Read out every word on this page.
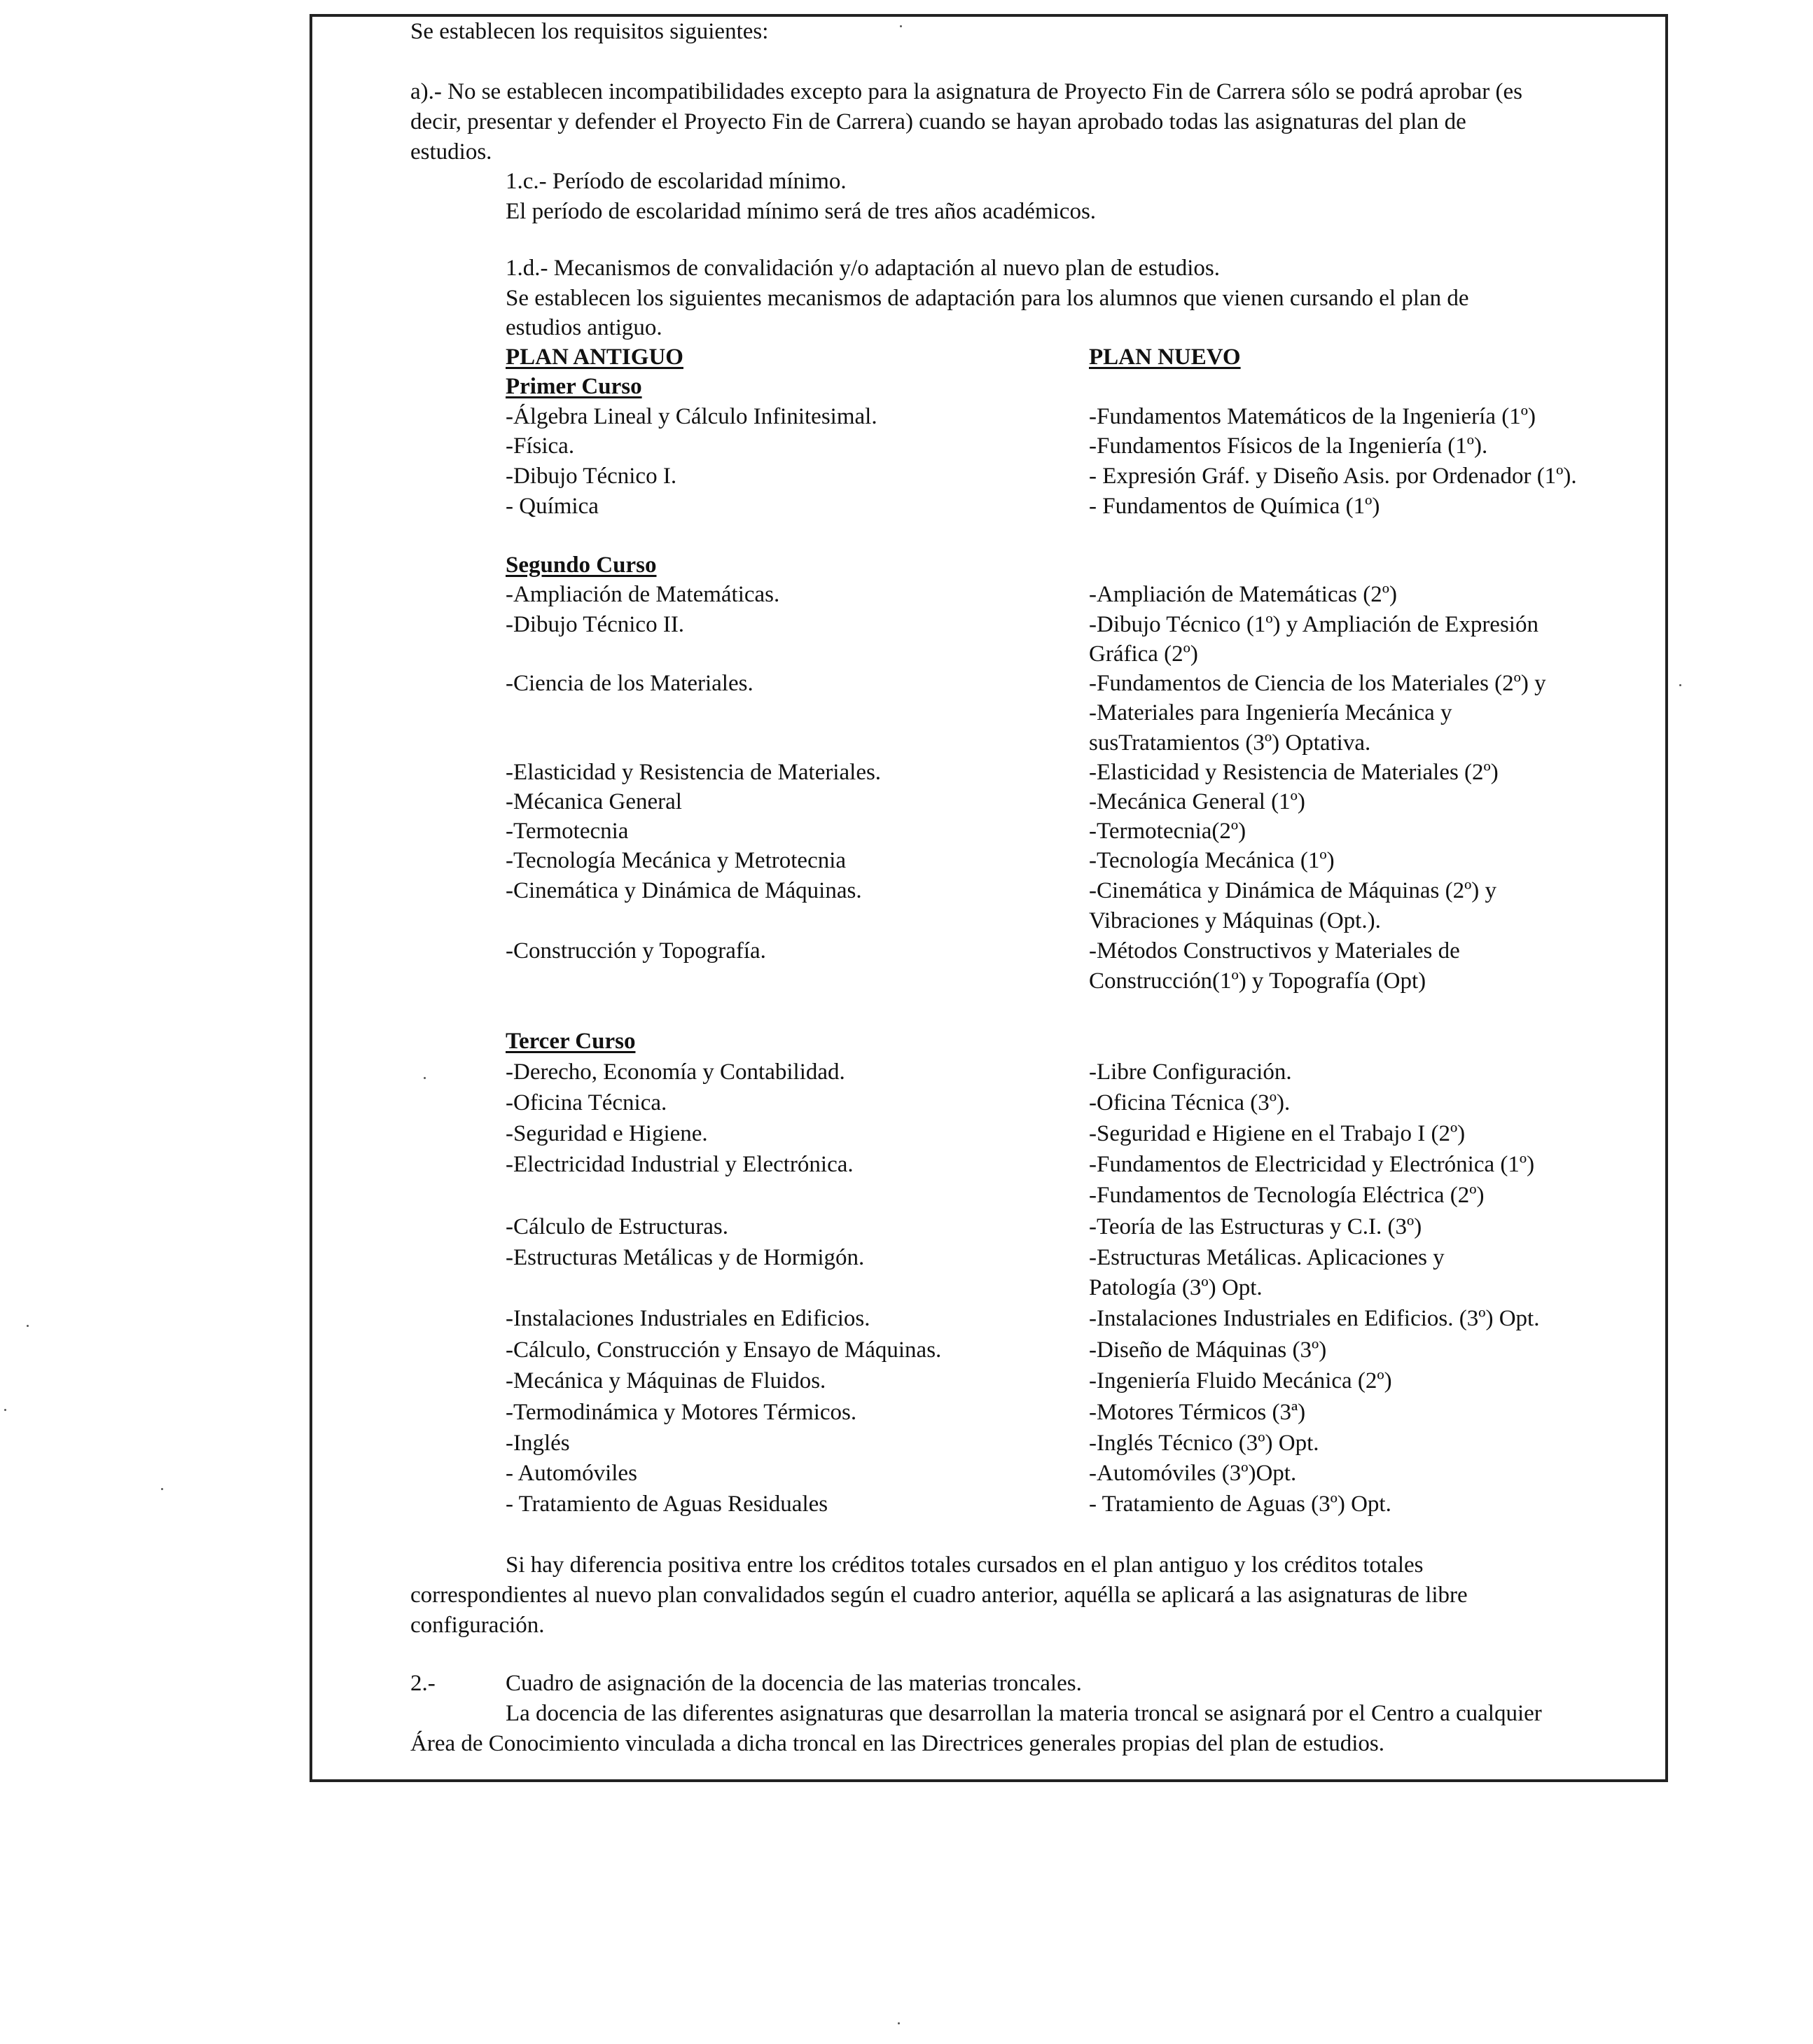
Se establecen los requisitos siguientes:
a).- No se establecen incompatibilidades excepto para la asignatura de Proyecto Fin de Carrera sólo se podrá aprobar (es
decir, presentar y defender el Proyecto Fin de Carrera) cuando se hayan aprobado todas las asignaturas del plan de
estudios.
1.c.- Período de escolaridad mínimo.
El período de escolaridad mínimo será de tres años académicos.
1.d.- Mecanismos de convalidación y/o adaptación al nuevo plan de estudios.
Se establecen los siguientes mecanismos de adaptación para los alumnos que vienen cursando el plan de
estudios antiguo.
PLAN ANTIGUO	PLAN NUEVO
Primer Curso
-Álgebra Lineal y Cálculo Infinitesimal.	-Fundamentos Matemáticos de la Ingeniería (1º)
-Física.	-Fundamentos Físicos de la Ingeniería (1º).
-Dibujo Técnico I.	- Expresión Gráf. y Diseño Asis. por Ordenador (1º).
- Química	- Fundamentos de Química (1º)
Segundo Curso
-Ampliación de Matemáticas.	-Ampliación de Matemáticas (2º)
-Dibujo Técnico II.	-Dibujo Técnico (1º) y Ampliación de Expresión
Gráfica (2º)
-Ciencia de los Materiales.	-Fundamentos de Ciencia de los Materiales (2º) y
-Materiales para Ingeniería Mecánica y
susTratamientos (3º) Optativa.
-Elasticidad y Resistencia de Materiales.	-Elasticidad y Resistencia de Materiales (2º)
-Mécanica General	-Mecánica General (1º)
-Termotecnia	-Termotecnia(2º)
-Tecnología Mecánica y Metrotecnia	-Tecnología Mecánica (1º)
-Cinemática y Dinámica de Máquinas.	-Cinemática y Dinámica de Máquinas (2º) y
Vibraciones y Máquinas (Opt.).
-Construcción y Topografía.	-Métodos Constructivos y Materiales de
Construcción(1º) y Topografía (Opt)
Tercer Curso
-Derecho, Economía y Contabilidad.	-Libre Configuración.
-Oficina Técnica.	-Oficina Técnica (3º).
-Seguridad e Higiene.	-Seguridad e Higiene en el Trabajo I (2º)
-Electricidad Industrial y Electrónica.	-Fundamentos de Electricidad y Electrónica (1º)
-Fundamentos de Tecnología Eléctrica (2º)
-Cálculo de Estructuras.	-Teoría de las Estructuras y C.I. (3º)
-Estructuras Metálicas y de Hormigón.	-Estructuras Metálicas. Aplicaciones y
Patología (3º) Opt.
-Instalaciones Industriales en Edificios.	-Instalaciones Industriales en Edificios. (3º) Opt.
-Cálculo, Construcción y Ensayo de Máquinas.	-Diseño de Máquinas (3º)
-Mecánica y Máquinas de Fluidos.	-Ingeniería Fluido Mecánica (2º)
-Termodinámica y Motores Térmicos.	-Motores Térmicos (3ª)
-Inglés	-Inglés Técnico (3º) Opt.
- Automóviles	-Automóviles (3º)Opt.
- Tratamiento de Aguas Residuales	- Tratamiento de Aguas (3º) Opt.
Si hay diferencia positiva entre los créditos totales cursados en el plan antiguo y los créditos totales
correspondientes al nuevo plan convalidados según el cuadro anterior, aquélla se aplicará a las asignaturas de libre
configuración.
2.-	Cuadro de asignación de la docencia de las materias troncales.
La docencia de las diferentes asignaturas que desarrollan la materia troncal se asignará por el Centro a cualquier
Área de Conocimiento vinculada a dicha troncal en las Directrices generales propias del plan de estudios.
